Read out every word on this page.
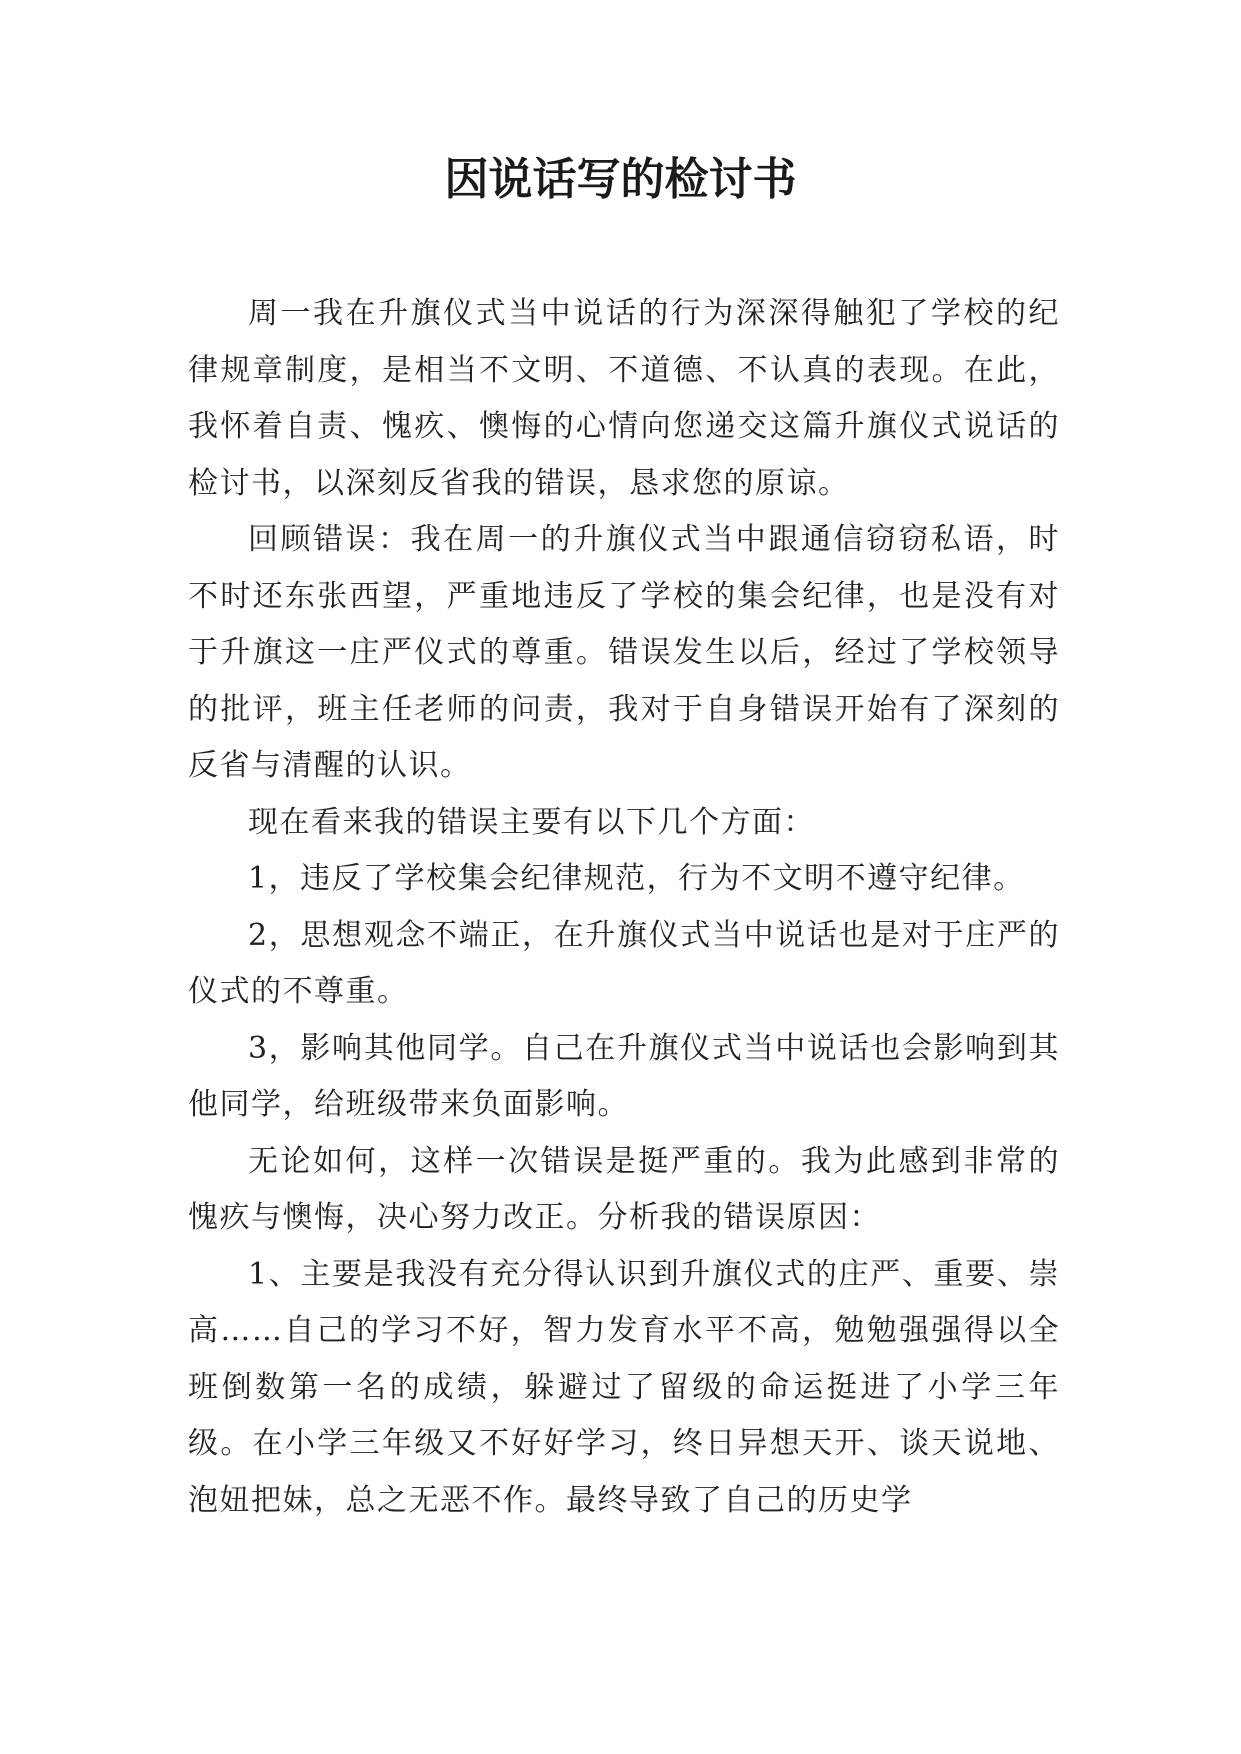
因说话写的检讨书

周一我在升旗仪式当中说话的行为深深得触犯了学校的纪律规章制度，是相当不文明、不道德、不认真的表现。在此，我怀着自责、愧疚、懊悔的心情向您递交这篇升旗仪式说话的检讨书，以深刻反省我的错误，恳求您的原谅。

回顾错误：我在周一的升旗仪式当中跟通信窃窃私语，时不时还东张西望，严重地违反了学校的集会纪律，也是没有对于升旗这一庄严仪式的尊重。错误发生以后，经过了学校领导的批评，班主任老师的问责，我对于自身错误开始有了深刻的反省与清醒的认识。

现在看来我的错误主要有以下几个方面：

1，违反了学校集会纪律规范，行为不文明不遵守纪律。

2，思想观念不端正，在升旗仪式当中说话也是对于庄严的仪式的不尊重。

3，影响其他同学。自己在升旗仪式当中说话也会影响到其他同学，给班级带来负面影响。

无论如何，这样一次错误是挺严重的。我为此感到非常的愧疚与懊悔，决心努力改正。分析我的错误原因：

1、主要是我没有充分得认识到升旗仪式的庄严、重要、崇高……自己的学习不好，智力发育水平不高，勉勉强强得以全班倒数第一名的成绩，躲避过了留级的命运挺进了小学三年级。在小学三年级又不好好学习，终日异想天开、谈天说地、泡妞把妹，总之无恶不作。最终导致了自己的历史学
